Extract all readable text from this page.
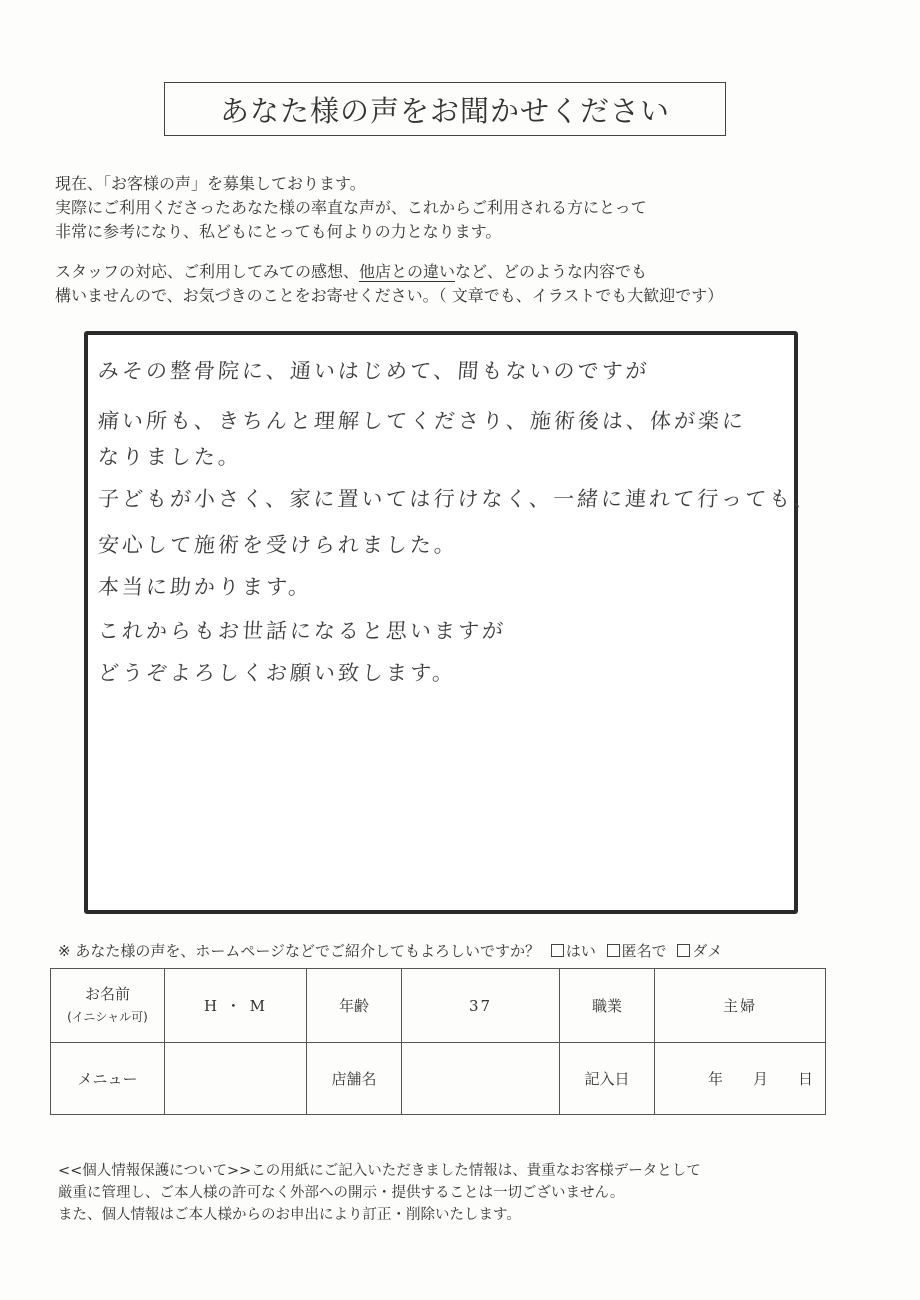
あなた様の声をお聞かせください

現在、「お客様の声」を募集しております。

実際にご利用くださったあなた様の率直な声が、これからご利用される方にとって

非常に参考になり、私どもにとっても何よりの力となります。

スタッフの対応、ご利用してみての感想、他店との違いなど、どのような内容でも

構いませんので、お気づきのことをお寄せください。（ 文章でも、イラストでも大歓迎です）

みその整骨院に、通いはじめて、間もないのですが

痛い所も、きちんと理解してくださり、施術後は、体が楽に

なりました。

子どもが小さく、家に置いては行けなく、一緒に連れて行っても、

安心して施術を受けられました。

本当に助かります。

これからもお世話になると思いますが

どうぞよろしくお願い致します。

※ あなた様の声を、ホームページなどでご紹介してもよろしいですか？ はい 匿名で ダメ
お名前
(イニシャル可)	H ・ M	年齢	37	職業	主婦
メニュー		店舗名		記入日	年　　月　　日

<<個人情報保護について>>この用紙にご記入いただきました情報は、貴重なお客様データとして

厳重に管理し、ご本人様の許可なく外部への開示・提供することは一切ございません。

また、個人情報はご本人様からのお申出により訂正・削除いたします。
